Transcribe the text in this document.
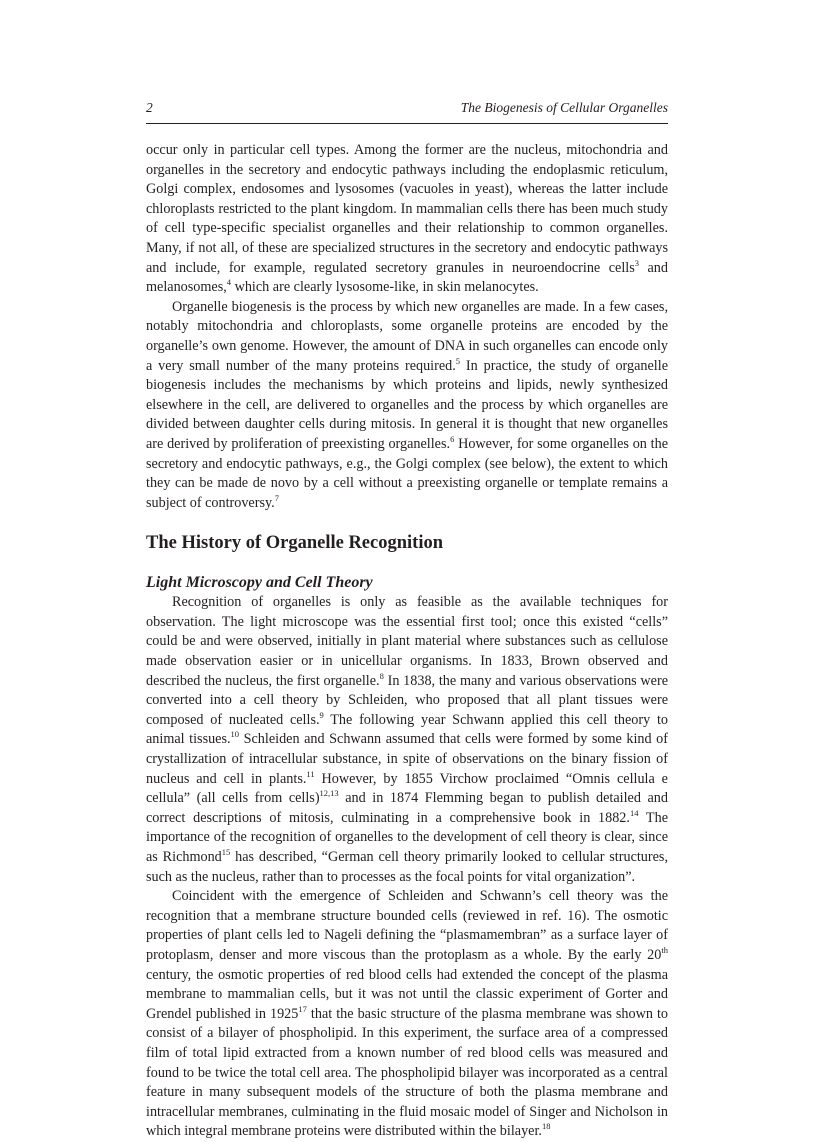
2	The Biogenesis of Cellular Organelles

occur only in particular cell types. Among the former are the nucleus, mitochondria and organelles in the secretory and endocytic pathways including the endoplasmic reticulum, Golgi complex, endosomes and lysosomes (vacuoles in yeast), whereas the latter include chloroplasts restricted to the plant kingdom. In mammalian cells there has been much study of cell type-specific specialist organelles and their relationship to common organelles. Many, if not all, of these are specialized structures in the secretory and endocytic pathways and include, for example, regulated secretory granules in neuroendocrine cells$^3$ and melanosomes,$^4$ which are clearly lysosome-like, in skin melanocytes.

Organelle biogenesis is the process by which new organelles are made. In a few cases, notably mitochondria and chloroplasts, some organelle proteins are encoded by the organelle’s own genome. However, the amount of DNA in such organelles can encode only a very small number of the many proteins required.$^5$ In practice, the study of organelle biogenesis includes the mechanisms by which proteins and lipids, newly synthesized elsewhere in the cell, are delivered to organelles and the process by which organelles are divided between daughter cells during mitosis. In general it is thought that new organelles are derived by proliferation of preexisting organelles.$^6$ However, for some organelles on the secretory and endocytic pathways, e.g., the Golgi complex (see below), the extent to which they can be made de novo by a cell without a preexisting organelle or template remains a subject of controversy.$^7$

The History of Organelle Recognition
Light Microscopy and Cell Theory

Recognition of organelles is only as feasible as the available techniques for observation. The light microscope was the essential first tool; once this existed “cells” could be and were observed, initially in plant material where substances such as cellulose made observation easier or in unicellular organisms. In 1833, Brown observed and described the nucleus, the first organelle.$^8$ In 1838, the many and various observations were converted into a cell theory by Schleiden, who proposed that all plant tissues were composed of nucleated cells.$^9$ The following year Schwann applied this cell theory to animal tissues.$^{10}$ Schleiden and Schwann assumed that cells were formed by some kind of crystallization of intracellular substance, in spite of observations on the binary fission of nucleus and cell in plants.$^{11}$ However, by 1855 Virchow proclaimed “Omnis cellula e cellula” (all cells from cells)$^{12,13}$ and in 1874 Flemming began to publish detailed and correct descriptions of mitosis, culminating in a comprehensive book in 1882.14 The importance of the recognition of organelles to the development of cell theory is clear, since as Richmond$^{15}$ has described, “German cell theory primarily looked to cellular structures, such as the nucleus, rather than to processes as the focal points for vital organization”.

Coincident with the emergence of Schleiden and Schwann’s cell theory was the recognition that a membrane structure bounded cells (reviewed in ref. 16). The osmotic properties of plant cells led to Nageli defining the “plasmamembran” as a surface layer of protoplasm, denser and more viscous than the protoplasm as a whole. By the early 20th century, the osmotic properties of red blood cells had extended the concept of the plasma membrane to mammalian cells, but it was not until the classic experiment of Gorter and Grendel published in 1925$^{17}$ that the basic structure of the plasma membrane was shown to consist of a bilayer of phospholipid. In this experiment, the surface area of a compressed film of total lipid extracted from a known number of red blood cells was measured and found to be twice the total cell area. The phospholipid bilayer was incorporated as a central feature in many subsequent models of the structure of both the plasma membrane and intracellular membranes, culminating in the fluid mosaic model of Singer and Nicholson in which integral membrane proteins were distributed within the bilayer.$^{18}$
